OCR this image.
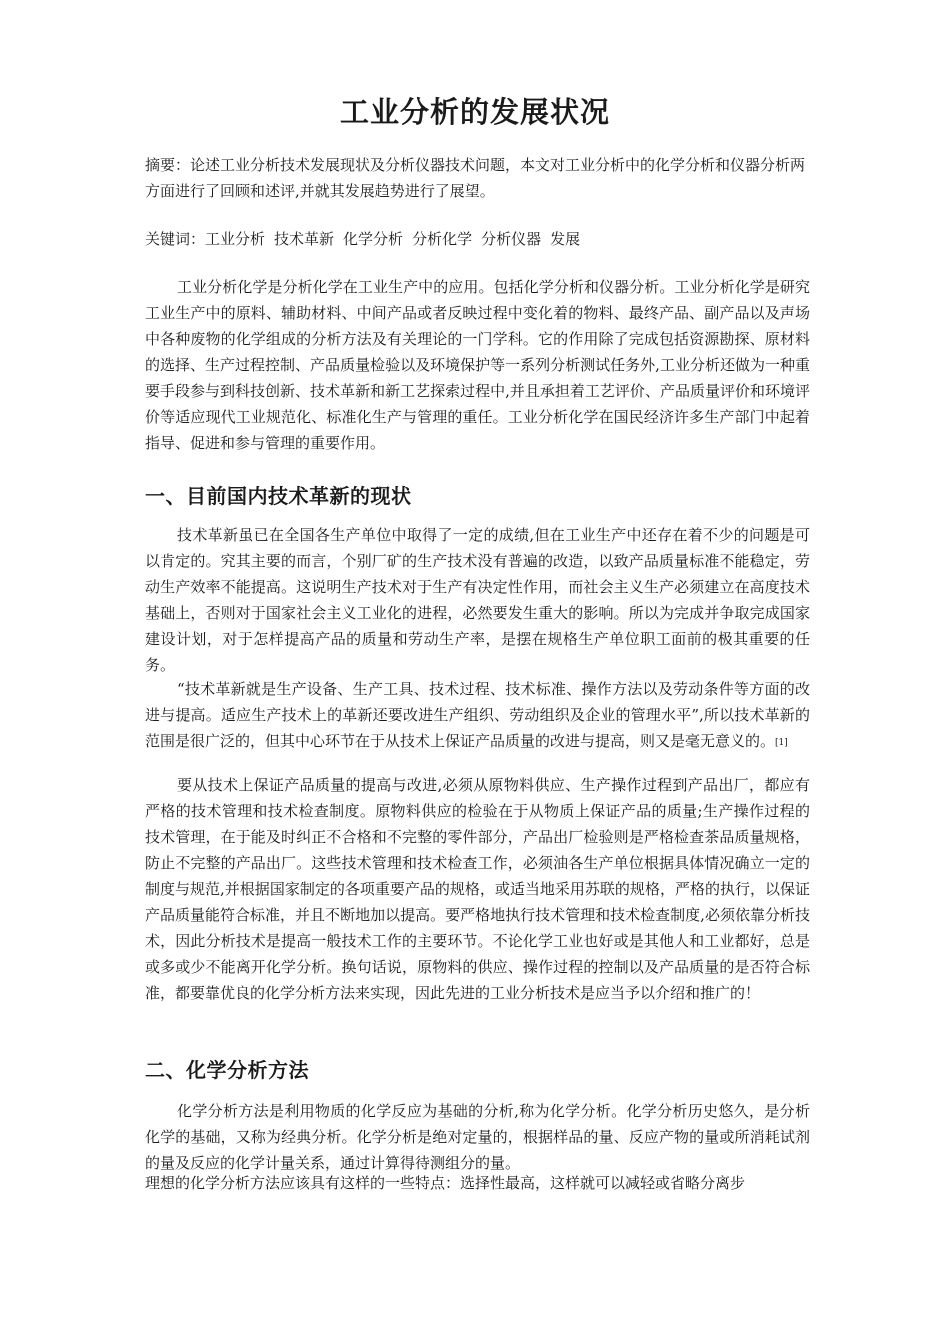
工业分析的发展状况

摘要：论述工业分析技术发展现状及分析仪器技术问题，本文对工业分析中的化学分析和仪器分析两方面进行了回顾和述评,并就其发展趋势进行了展望。

关键词：工业分析 技术革新 化学分析 分析化学 分析仪器 发展

工业分析化学是分析化学在工业生产中的应用。包括化学分析和仪器分析。工业分析化学是研究工业生产中的原料、辅助材料、中间产品或者反映过程中变化着的物料、最终产品、副产品以及声场中各种废物的化学组成的分析方法及有关理论的一门学科。它的作用除了完成包括资源勘探、原材料的选择、生产过程控制、产品质量检验以及环境保护等一系列分析测试任务外,工业分析还做为一种重要手段参与到科技创新、技术革新和新工艺探索过程中,并且承担着工艺评价、产品质量评价和环境评价等适应现代工业规范化、标准化生产与管理的重任。工业分析化学在国民经济许多生产部门中起着指导、促进和参与管理的重要作用。

一、目前国内技术革新的现状

技术革新虽已在全国各生产单位中取得了一定的成绩,但在工业生产中还存在着不少的问题是可以肯定的。究其主要的而言，个别厂矿的生产技术没有普遍的改造，以致产品质量标准不能稳定，劳动生产效率不能提高。这说明生产技术对于生产有决定性作用，而社会主义生产必须建立在高度技术基础上，否则对于国家社会主义工业化的进程，必然要发生重大的影响。所以为完成并争取完成国家建设计划，对于怎样提高产品的质量和劳动生产率，是摆在规格生产单位职工面前的极其重要的任务。

“技术革新就是生产设备、生产工具、技术过程、技术标准、操作方法以及劳动条件等方面的改进与提高。适应生产技术上的革新还要改进生产组织、劳动组织及企业的管理水平”,所以技术革新的范围是很广泛的，但其中心环节在于从技术上保证产品质量的改进与提高，则又是毫无意义的。[1]

要从技术上保证产品质量的提高与改进,必须从原物料供应、生产操作过程到产品出厂，都应有严格的技术管理和技术检查制度。原物料供应的检验在于从物质上保证产品的质量;生产操作过程的技术管理，在于能及时纠正不合格和不完整的零件部分，产品出厂检验则是严格检查茶品质量规格，防止不完整的产品出厂。这些技术管理和技术检查工作，必须油各生产单位根据具体情况确立一定的制度与规范,并根据国家制定的各项重要产品的规格，或适当地采用苏联的规格，严格的执行，以保证产品质量能符合标准，并且不断地加以提高。要严格地执行技术管理和技术检查制度,必须依靠分析技术，因此分析技术是提高一般技术工作的主要环节。不论化学工业也好或是其他人和工业都好，总是或多或少不能离开化学分析。换句话说，原物料的供应、操作过程的控制以及产品质量的是否符合标准，都要靠优良的化学分析方法来实现，因此先进的工业分析技术是应当予以介绍和推广的！

二、化学分析方法

化学分析方法是利用物质的化学反应为基础的分析,称为化学分析。化学分析历史悠久，是分析化学的基础，又称为经典分析。化学分析是绝对定量的，根据样品的量、反应产物的量或所消耗试剂的量及反应的化学计量关系，通过计算得待测组分的量。

理想的化学分析方法应该具有这样的一些特点：选择性最高，这样就可以减轻或省略分离步
